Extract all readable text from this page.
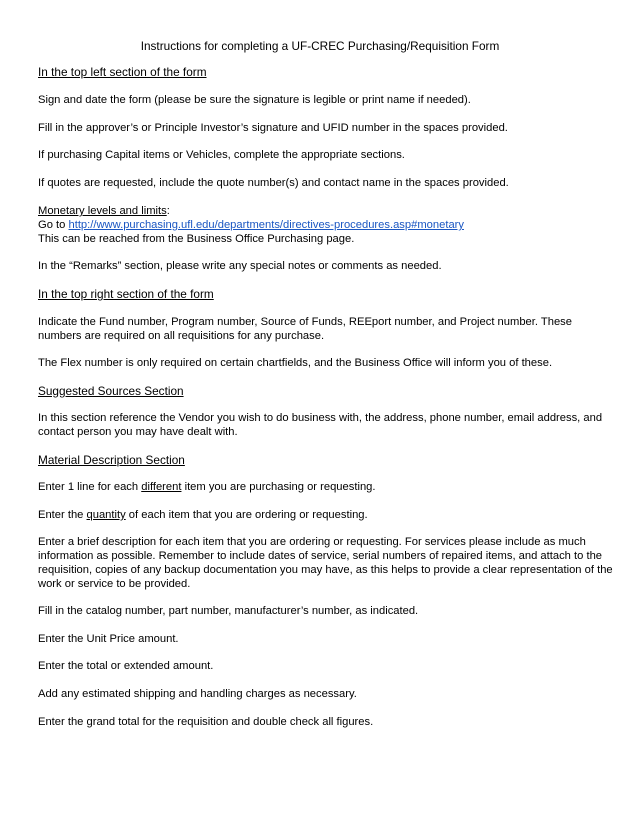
Instructions for completing a UF-CREC Purchasing/Requisition Form
In the top left section of the form
Sign and date the form (please be sure the signature is legible or print name if needed).
Fill in the approver’s or Principle Investor’s signature and UFID number in the spaces provided.
If purchasing Capital items or Vehicles, complete the appropriate sections.
If quotes are requested, include the quote number(s) and contact name in the spaces provided.
Monetary levels and limits:
Go to http://www.purchasing.ufl.edu/departments/directives-procedures.asp#monetary
This can be reached from the Business Office Purchasing page.
In the “Remarks” section, please write any special notes or comments as needed.
In the top right section of the form
Indicate the Fund number, Program number, Source of Funds, REEport number, and Project number. These
numbers are required on all requisitions for any purchase.
The Flex number is only required on certain chartfields, and the Business Office will inform you of these.
Suggested Sources Section
In this section reference the Vendor you wish to do business with, the address, phone number, email address, and
contact person you may have dealt with.
Material Description Section
Enter 1 line for each different item you are purchasing or requesting.
Enter the quantity of each item that you are ordering or requesting.
Enter a brief description for each item that you are ordering or requesting. For services please include as much
information as possible. Remember to include dates of service, serial numbers of repaired items, and attach to the
requisition, copies of any backup documentation you may have, as this helps to provide a clear representation of the
work or service to be provided.
Fill in the catalog number, part number, manufacturer’s number, as indicated.
Enter the Unit Price amount.
Enter the total or extended amount.
Add any estimated shipping and handling charges as necessary.
Enter the grand total for the requisition and double check all figures.
